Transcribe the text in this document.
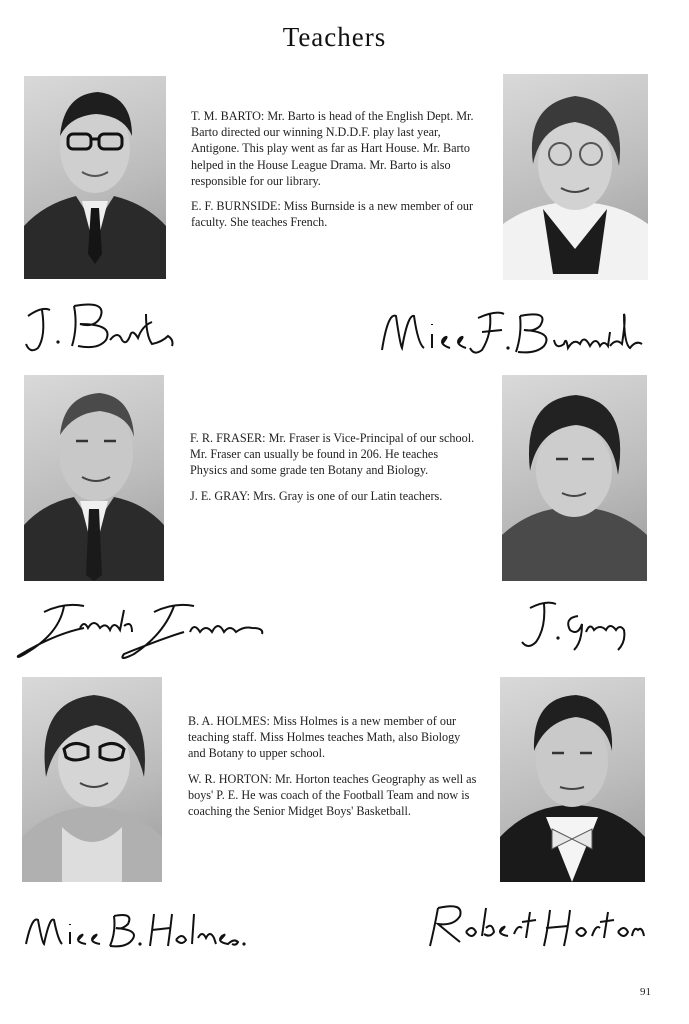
Teachers

T. M. BARTO: Mr. Barto is head of the English Dept. Mr. Barto directed our winning N.D.D.F. play last year, Antigone. This play went as far as Hart House. Mr. Barto helped in the House League Drama. Mr. Barto is also responsible for our library.

E. F. BURNSIDE: Miss Burnside is a new member of our faculty. She teaches French.

F. R. FRASER: Mr. Fraser is Vice-Principal of our school. Mr. Fraser can usually be found in 206. He teaches Physics and some grade ten Botany and Biology.

J. E. GRAY: Mrs. Gray is one of our Latin teachers.

B. A. HOLMES: Miss Holmes is a new member of our teaching staff. Miss Holmes teaches Math, also Biology and Botany to upper school.

W. R. HORTON: Mr. Horton teaches Geography as well as boys' P. E. He was coach of the Football Team and now is coaching the Senior Midget Boys' Basketball.

91
